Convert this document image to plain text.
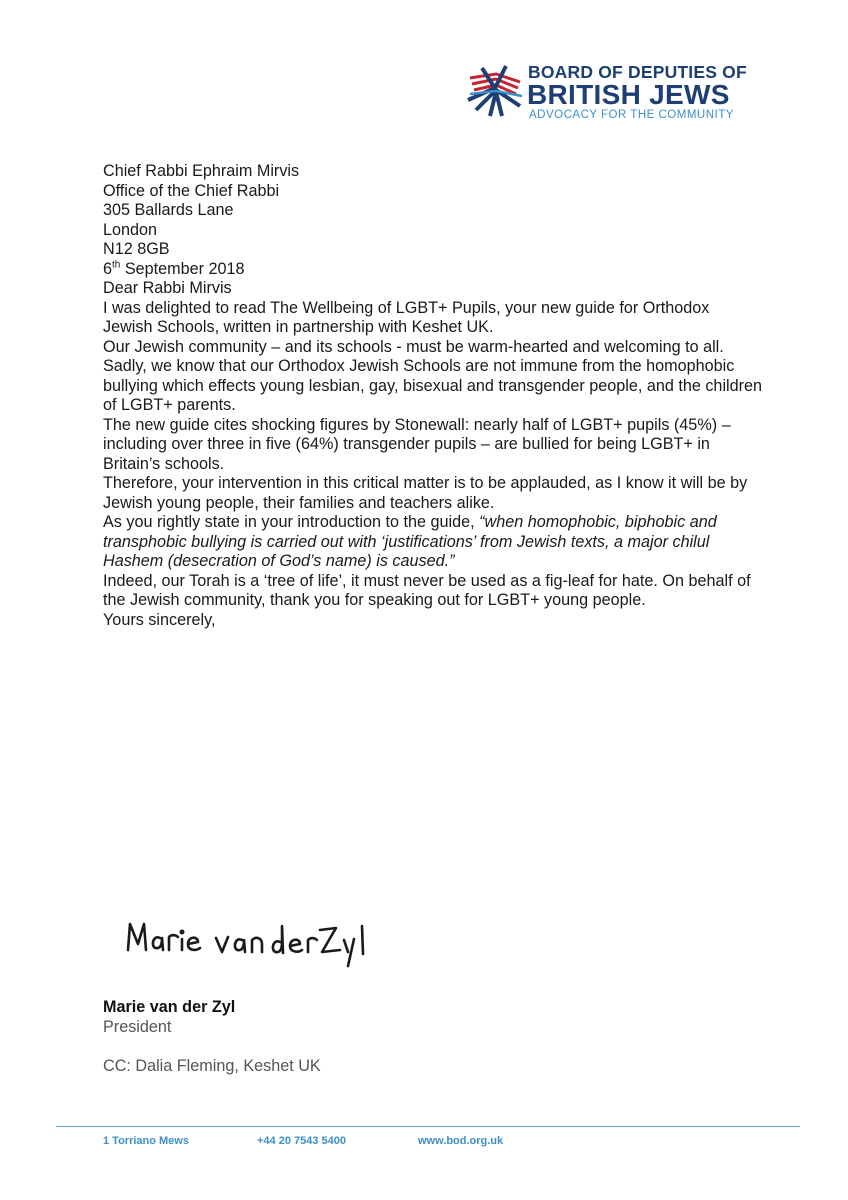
BOARD OF DEPUTIES OF
BRITISH JEWS
ADVOCACY FOR THE COMMUNITY

Chief Rabbi Ephraim Mirvis

Office of the Chief Rabbi

305 Ballards Lane

London

N12 8GB

6th September 2018

Dear Rabbi Mirvis

I was delighted to read The Wellbeing of LGBT+ Pupils, your new guide for Orthodox Jewish Schools, written in partnership with Keshet UK.

Our Jewish community – and its schools - must be warm-hearted and welcoming to all. Sadly, we know that our Orthodox Jewish Schools are not immune from the homophobic bullying which effects young lesbian, gay, bisexual and transgender people, and the children of LGBT+ parents.

The new guide cites shocking figures by Stonewall: nearly half of LGBT+ pupils (45%) – including over three in five (64%) transgender pupils – are bullied for being LGBT+ in Britain’s schools.

Therefore, your intervention in this critical matter is to be applauded, as I know it will be by Jewish young people, their families and teachers alike.

As you rightly state in your introduction to the guide, “when homophobic, biphobic and transphobic bullying is carried out with ‘justifications’ from Jewish texts, a major chilul Hashem (desecration of God’s name) is caused.”

Indeed, our Torah is a ‘tree of life’, it must never be used as a fig-leaf for hate. On behalf of the Jewish community, thank you for speaking out for LGBT+ young people.

Yours sincerely,

Marie van der Zyl
President
CC: Dalia Fleming, Keshet UK
1 Torriano Mews	+44 20 7543 5400	www.bod.org.uk
